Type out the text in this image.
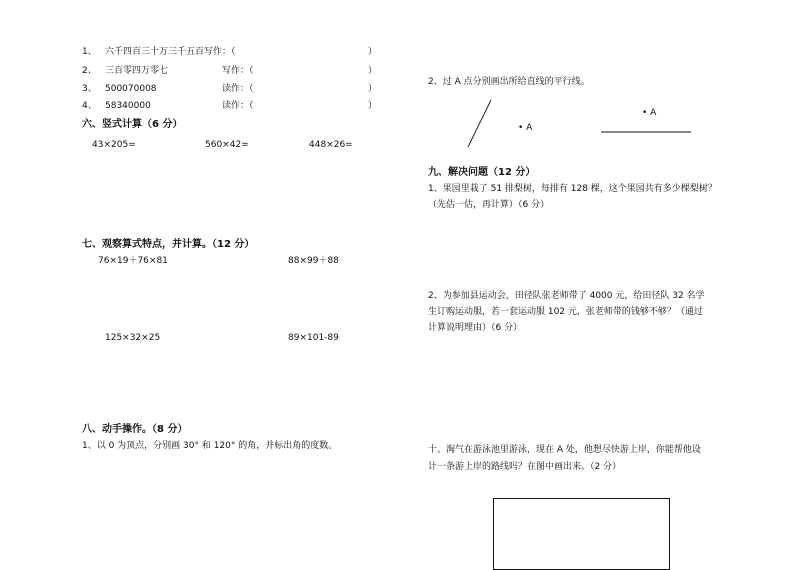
1、 六千四百三十万三千五百写作：（	）
2、 三百零四万零七	写作：（	）
3、 500070008	读作：（	）
4、 58340000	读作：（	）
六、竖式计算（6 分）
43×205=	560×42=	448×26=
七、观察算式特点，并计算。（12 分）
76×19＋76×81	88×99＋88
125×32×25	89×101-89
八、动手操作。（8 分）
1、以 0 为顶点，分别画 30° 和 120° 的角，并标出角的度数。
2、过 A 点分别画出所给直线的平行线。
• A
• A
九、解决问题（12 分）
1、果园里栽了 51 排梨树，每排有 128 棵，这个果园共有多少棵梨树？
（先估一估，再计算）（6 分）
2、为参加县运动会，田径队张老师带了 4000 元，给田径队 32 名学
生订购运动服，若一套运动服 102 元，张老师带的钱够不够？（通过
计算说明理由）（6 分）
十、淘气在游泳池里游泳，现在 A 处，他想尽快游上岸，你能帮他设
计一条游上岸的路线吗？在图中画出来。（2 分）
